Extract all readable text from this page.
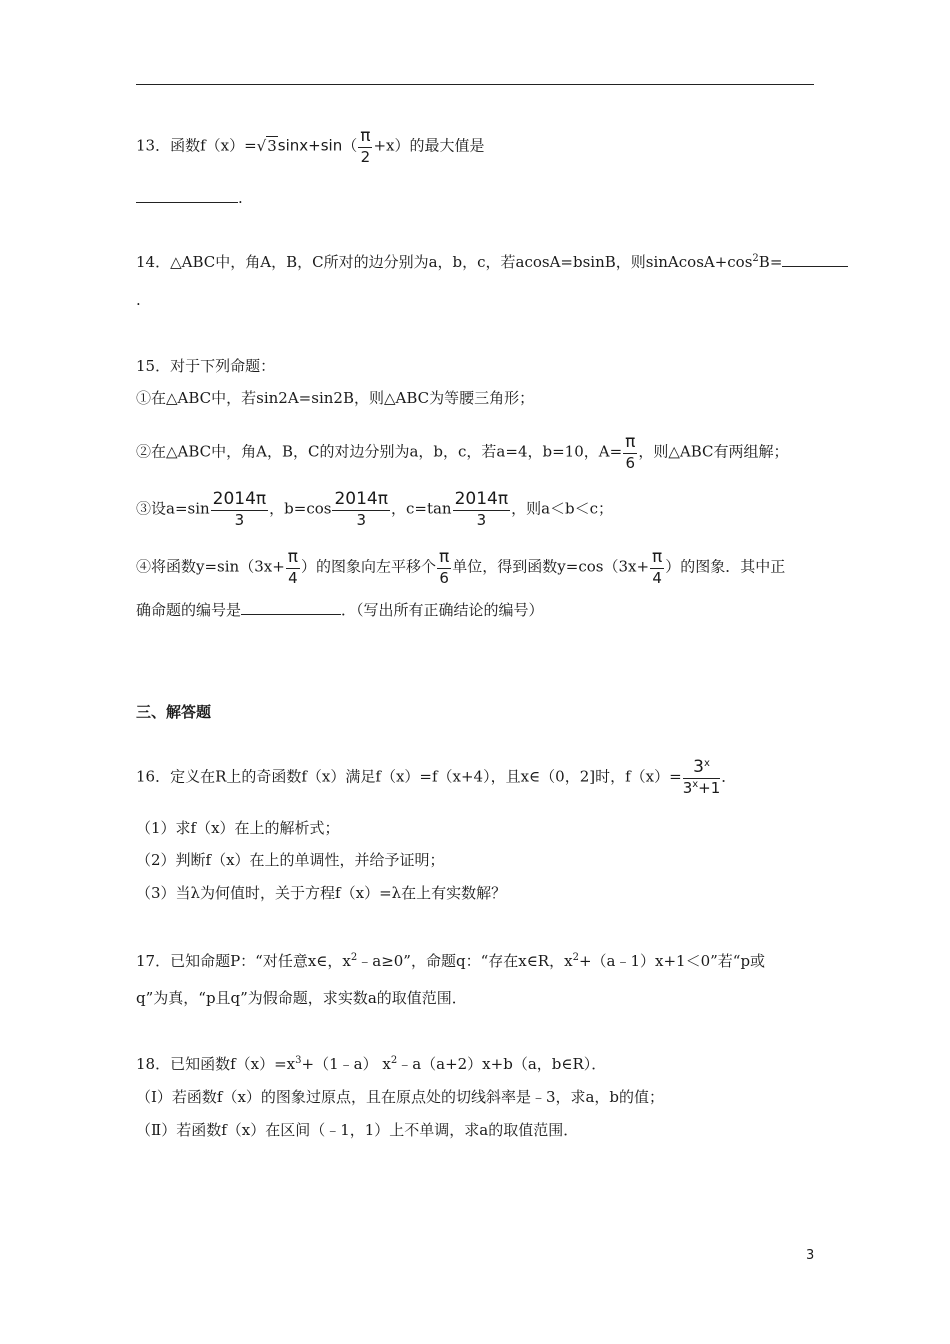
13．函数$f(x)=√3\sin x+\sin( \frac{\pi}{2} +x)$的最大值是
.
14．△ABC中，角A，B，C所对的边分别为a，b，c，若acosA=bsinB，则$sinAcosA+\cos^2B=$
.
15．对于下列命题：
①在△ABC中，若sin2A=sin2B，则△ABC为等腰三角形；
②在△ABC中，角A，B，C的对边分别为a，b，c，若a=4，b=10，$A= \frac{\pi}{6}$ ，则△ABC有两组解；
③设$a=\sin \frac{2014\pi}{3}$ ，$b=\cos \frac{2014\pi}{3}$ ，$c=\tan \frac{2014\pi}{3}$ ，则a＜b＜c；
④将函数$y=\sin(3x+ \frac{\pi}{4}$ ）的图象向左平移个 $\frac{\pi}{6}$ 单位，得到函数$y=\cos(3x+ \frac{\pi}{4}$ ）的图象．其中正
确命题的编号是	．（写出所有正确结论的编号）
三、解答题
16．定义在R上的奇函数f（x）满足f（x）=f（x+4），且x∈（0，2]时，$f(x)= \frac{3^x}{3^x+1}$ ．
（1）求f（x）在上的解析式；
（2）判断f（x）在上的单调性，并给予证明；
（3）当λ为何值时，关于方程f（x）=λ在上有实数解？
17．已知命题P：“对任意x∈，$x^2﹣a\ge 0$”，命题q：“存在x∈R，$x^2+(a﹣1)x+1<0$”若“p或
q”为真，“p且q”为假命题，求实数a的取值范围．
18．已知函数$f(x)=x^3+(1﹣a)$ $x^2﹣a(a+2)x+b(a$，b∈R）．
（Ⅰ）若函数f（x）的图象过原点，且在原点处的切线斜率是﹣3，求a，b的值；
（Ⅱ）若函数f（x）在区间（﹣1，1）上不单调，求a的取值范围．
3
